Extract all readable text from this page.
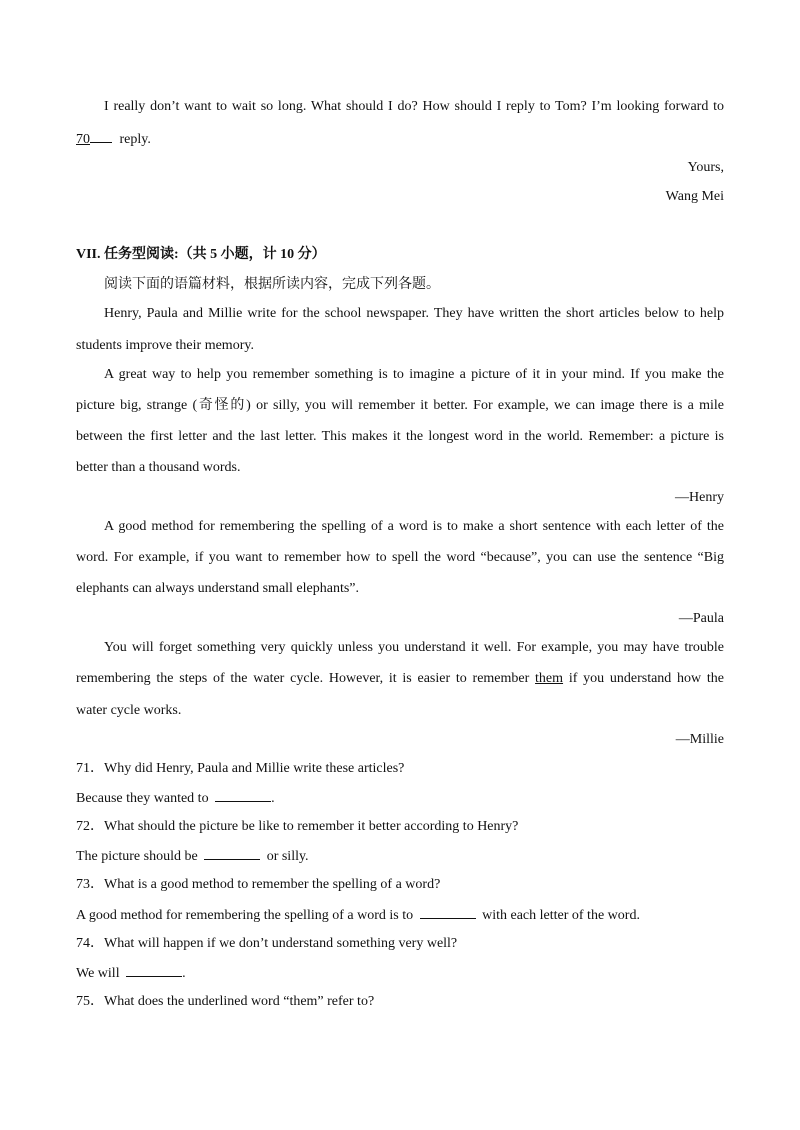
I really don’t want to wait so long. What should I do? How should I reply to Tom? I’m looking forward to
70 reply.
Yours,
Wang Mei
VII. 任务型阅读:（共 5 小题，计 10 分）
阅读下面的语篇材料，根据所读内容，完成下列各题。
Henry, Paula and Millie write for the school newspaper. They have written the short articles below to help
students improve their memory.
A great way to help you remember something is to imagine a picture of it in your mind. If you make the
picture big, strange (奇怪的) or silly, you will remember it better. For example, we can image there is a mile
between the first letter and the last letter. This makes it the longest word in the world. Remember: a picture is
better than a thousand words.
—Henry
A good method for remembering the spelling of a word is to make a short sentence with each letter of the
word. For example, if you want to remember how to spell the word “because”, you can use the sentence “Big
elephants can always understand small elephants”.
—Paula
You will forget something very quickly unless you understand it well. For example, you may have trouble
remembering the steps of the water cycle. However, it is easier to remember them if you understand how the
water cycle works.
—Millie
71．Why did Henry, Paula and Millie write these articles?
Because they wanted to	.
72．What should the picture be like to remember it better according to Henry?
The picture should be	or silly.
73．What is a good method to remember the spelling of a word?
A good method for remembering the spelling of a word is to	with each letter of the word.
74．What will happen if we don’t understand something very well?
We will	.
75．What does the underlined word “them” refer to?
